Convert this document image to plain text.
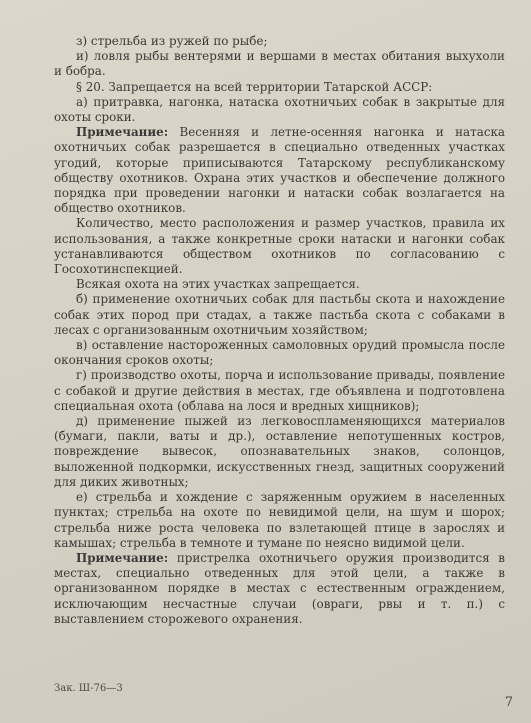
з) стрельба из ружей по рыбе;

и) ловля рыбы вентерями и вершами в местах обитания выхухоли и бобра.

§ 20. Запрещается на всей территории Татарской АССР:

а) притравка, нагонка, натаска охотничьих собак в закрытые для охоты сроки.

Примечание: Весенняя и летне-осенняя нагонка и натаска охотничьих собак разрешается в специально отведенных участках угодий, которые приписываются Татарскому республиканскому обществу охотников. Охрана этих участков и обеспечение должного порядка при проведении нагонки и натаски собак возлагается на общество охотников.

Количество, место расположения и размер участков, правила их использования, а также конкретные сроки натаски и нагонки собак устанавливаются обществом охотников по согласованию с Госохотинспекцией.

Всякая охота на этих участках запрещается.

б) применение охотничьих собак для пастьбы скота и нахождение собак этих пород при стадах, а также пастьба скота с собаками в лесах с организованным охотничьим хозяйством;

в) оставление настороженных самоловных орудий промысла после окончания сроков охоты;

г) производство охоты, порча и использование привады, появление с собакой и другие действия в местах, где объявлена и подготовлена специальная охота (облава на лося и вредных хищников);

д) применение пыжей из легковоспламеняющихся материалов (бумаги, пакли, ваты и др.), оставление непотушенных костров, повреждение вывесок, опознавательных знаков, солонцов, выложенной подкормки, искусственных гнезд, защитных сооружений для диких животных;

е) стрельба и хождение с заряженным оружием в населенных пунктах; стрельба на охоте по невидимой цели, на шум и шорох; стрельба ниже роста человека по взлетающей птице в зарослях и камышах; стрельба в темноте и тумане по неясно видимой цели.

Примечание: пристрелка охотничьего оружия производится в местах, специально отведенных для этой цели, а также в организованном порядке в местах с естественным ограждением, исключающим несчастные случаи (овраги, рвы и т. п.) с выставлением сторожевого охранения.

Зак. Ш-76—3
7
